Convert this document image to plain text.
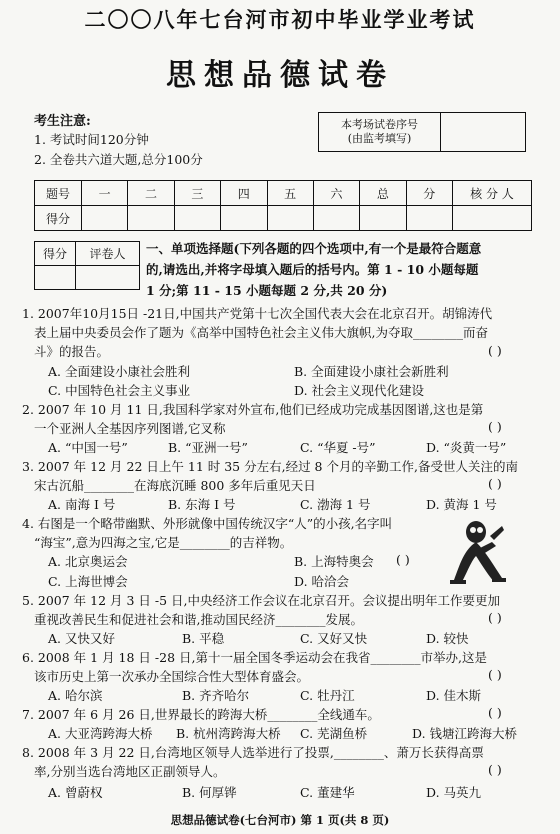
二〇〇八年七台河市初中毕业学业考试
思想品德试卷
考生注意:
1. 考试时间120分钟
2. 全卷共六道大题,总分100分
本考场试卷序号
(由监考填写)
题号	一	二	三	四	五	六	总	分	核 分 人
得分									
得分	评卷人
	一、单项选择题(下列各题的四个选项中,有一个是最符合题意
的,请选出,并将字母填入题后的括号内。第 1 - 10 小题每题
1 分;第 11 - 15 小题每题 2 分,共 20 分)
1. 2007年10月15日 -21日,中国共产党第十七次全国代表大会在北京召开。胡锦涛代
表上届中央委员会作了题为《高举中国特色社会主义伟大旗帜,为夺取________而奋
斗》的报告。	( )
A. 全面建设小康社会胜利	B. 全面建设小康社会新胜利
C. 中国特色社会主义事业	D. 社会主义现代化建设
2. 2007 年 10 月 11 日,我国科学家对外宣布,他们已经成功完成基因图谱,这也是第
一个亚洲人全基因序列图谱,它叉称	( )
A. “中国一号”	B. “亚洲一号”	C. “华夏 -号”	D. “炎黄一号”
3. 2007 年 12 月 22 日上午 11 时 35 分左右,经过 8 个月的辛勤工作,备受世人关注的南
宋古沉船________在海底沉睡 800 多年后重见天日	( )
A. 南海 I 号	B. 东海 I 号	C. 渤海 1 号	D. 黄海 1 号
4. 右图是一个略带幽默、外形就像中国传统汉字“人”的小孩,名字叫
“海宝”,意为四海之宝,它是________的吉祥物。
( )
A. 北京奥运会	B. 上海特奥会
C. 上海世博会	D. 哈洽会
5. 2007 年 12 月 3 日 -5 日,中央经济工作会议在北京召开。会议提出明年工作要更加
重视改善民生和促进社会和谐,推动国民经济________发展。	( )
A. 又快又好	B. 平稳	C. 又好又快	D. 较快
6. 2008 年 1 月 18 日 -28 日,第十一届全国冬季运动会在我省________市举办,这是
该市历史上第一次承办全国综合性大型体育盛会。	( )
A. 哈尔滨	B. 齐齐哈尔	C. 牡丹江	D. 佳木斯
7. 2007 年 6 月 26 日,世界最长的跨海大桥________全线通车。	( )
A. 大亚湾跨海大桥 B. 杭州湾跨海大桥 C. 芜湖鱼桥	D. 钱塘江跨海大桥
8. 2008 年 3 月 22 日,台湾地区领导人选举进行了投票,________、萧万长获得高票
率,分别当选台湾地区正副领导人。	( )
A. 曾蔚权	B. 何厚铧	C. 董建华	D. 马英九
思想品德试卷(七台河市) 第 1 页(共 8 页)
